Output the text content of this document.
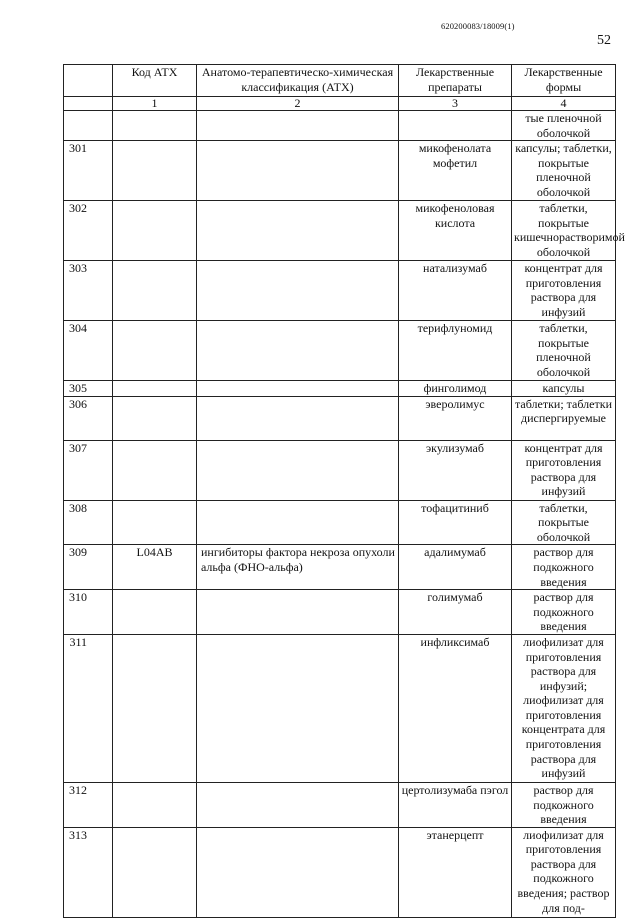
620200083/18009(1)
52
	Код АТХ	Анатомо-терапевтическо-химическая классификация (АТХ)	Лекарственные препараты	Лекарственные формы
	1	2	3	4
				тые пленочной оболочкой
301			микофенолата мофетил	капсулы; таблетки, покрытые пленочной оболочкой
302			микофеноловая кислота	таблетки, покрытые кишечнорастворимой оболочкой
303			натализумаб	концентрат для приготовления раствора для инфузий
304			терифлуномид	таблетки, покрытые пленочной оболочкой
305			финголимод	капсулы
306			эверолимус	таблетки; таблетки диспергируемые
307			экулизумаб	концентрат для приготовления раствора для инфузий
308			тофацитиниб	таблетки, покрытые оболочкой
309	L04AB	ингибиторы фактора некроза опухоли альфа (ФНО-альфа)	адалимумаб	раствор для подкожного введения
310			голимумаб	раствор для подкожного введения
311			инфликсимаб	лиофилизат для приготовления раствора для инфузий; лиофилизат для приготовления концентрата для приготовления раствора для инфузий
312			цертолизумаба пэгол	раствор для подкожного введения
313			этанерцепт	лиофилизат для приготовления раствора для подкожного введения; раствор для под-
